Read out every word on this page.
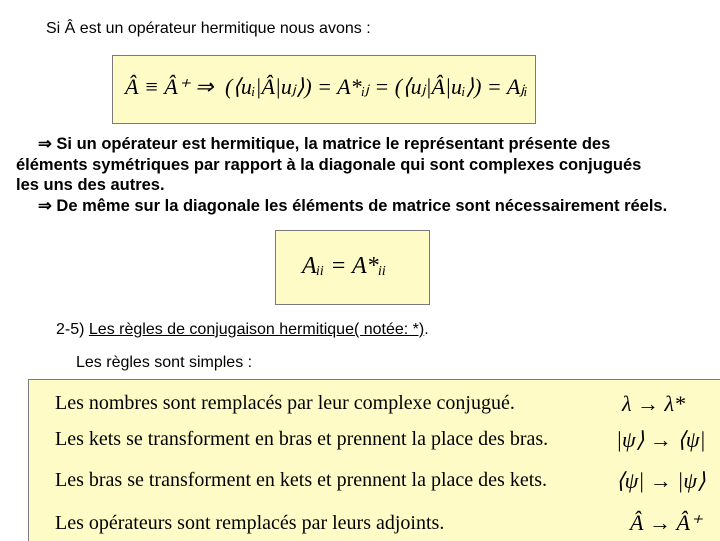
Si Â est un opérateur hermitique nous avons :
Â ≡ Â⁺ ⇒ (⟨uᵢ|Â|uⱼ⟩) = A*ᵢⱼ = (⟨uⱼ|Â|uᵢ⟩) = Aⱼᵢ
⇒ Si un opérateur est hermitique, la matrice le représentant présente des
éléments symétriques par rapport à la diagonale qui sont complexes conjugués
les uns des autres.
⇒ De même sur la diagonale les éléments de matrice sont nécessairement réels.
Aᵢᵢ = A*ᵢᵢ
2-5) Les règles de conjugaison hermitique( notée: *).
Les règles sont simples :
Les nombres sont remplacés par leur complexe conjugué.	λ → λ*
Les kets se transforment en bras et prennent la place des bras.	|ψ⟩ → ⟨ψ|
Les bras se transforment en kets et prennent la place des kets.	⟨ψ| → |ψ⟩
Les opérateurs sont remplacés par leurs adjoints.	Â → Â⁺
